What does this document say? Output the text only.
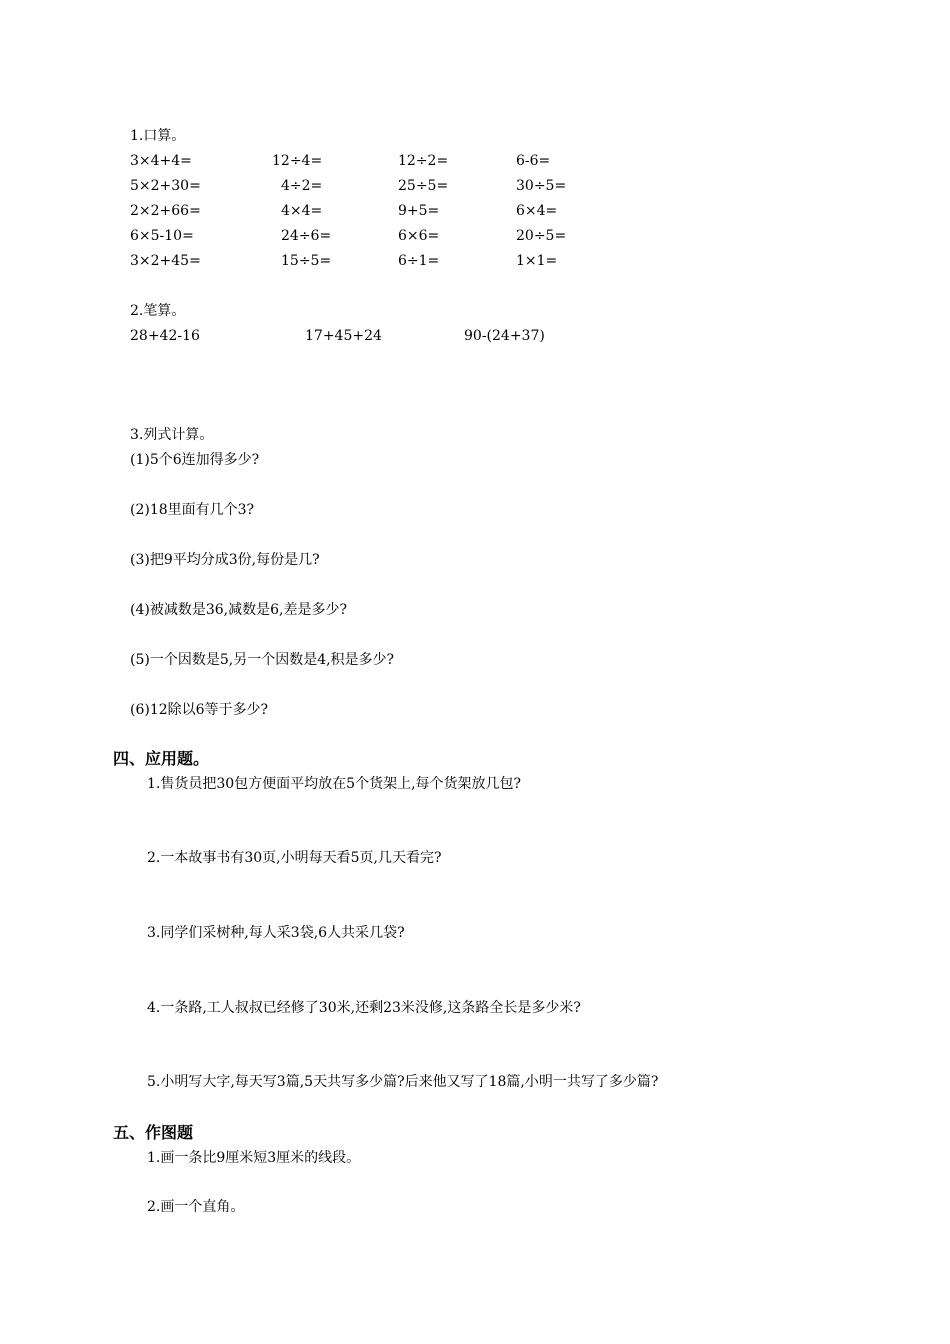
1.口算。
3×4+4=	12÷4=	12÷2=	6-6=
5×2+30=	4÷2=	25÷5=	30÷5=
2×2+66=	4×4=	9+5=	6×4=
6×5-10=	24÷6=	6×6=	20÷5=
3×2+45=	15÷5=	6÷1=	1×1=
2.笔算。
28+42-16	17+45+24	90-(24+37)
3.列式计算。
(1)5个6连加得多少?
(2)18里面有几个3?
(3)把9平均分成3份,每份是几?
(4)被减数是36,减数是6,差是多少?
(5)一个因数是5,另一个因数是4,积是多少?
(6)12除以6等于多少?
四、应用题。
1.售货员把30包方便面平均放在5个货架上,每个货架放几包?
2.一本故事书有30页,小明每天看5页,几天看完?
3.同学们采树种,每人采3袋,6人共采几袋?
4.一条路,工人叔叔已经修了30米,还剩23米没修,这条路全长是多少米?
5.小明写大字,每天写3篇,5天共写多少篇?后来他又写了18篇,小明一共写了多少篇?
五、作图题
1.画一条比9厘米短3厘米的线段。
2.画一个直角。
